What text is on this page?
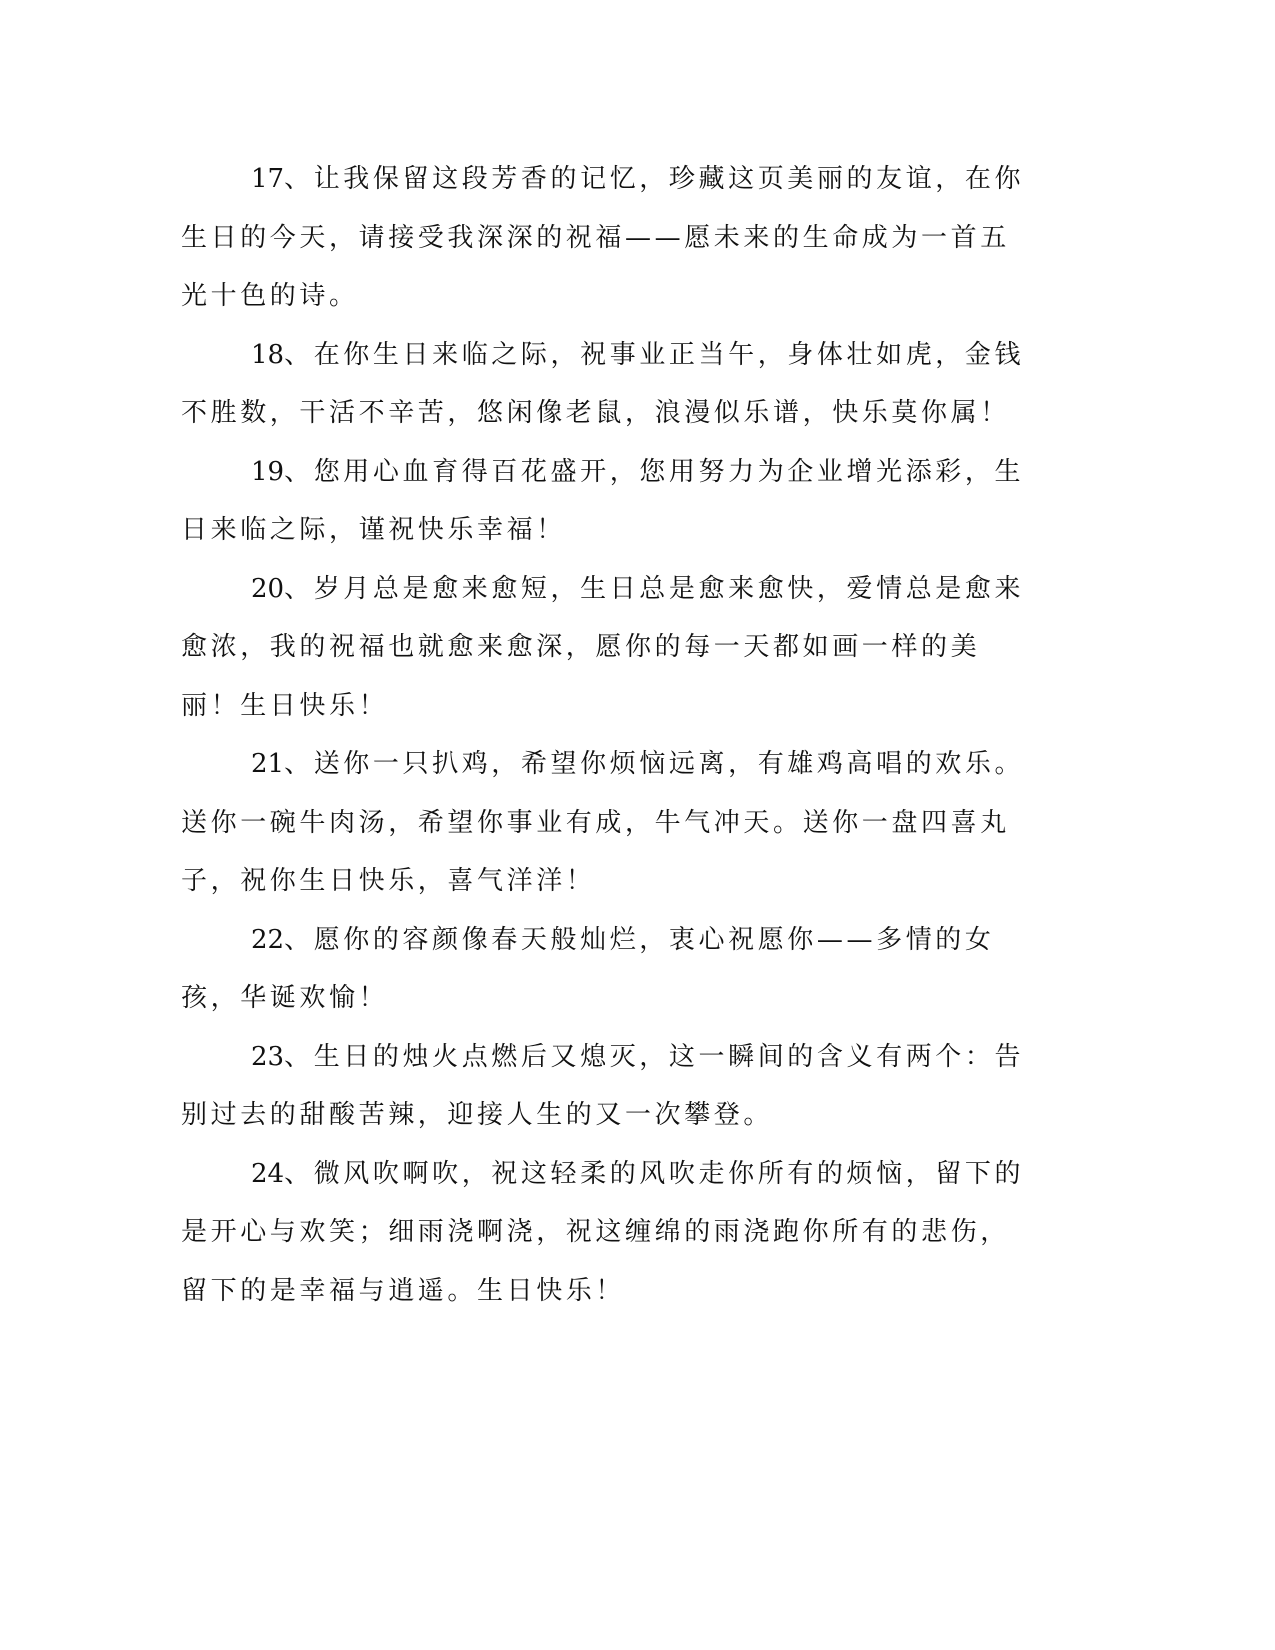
17、让我保留这段芳香的记忆，珍藏这页美丽的友谊，在你生日的今天，请接受我深深的祝福——愿未来的生命成为一首五光十色的诗。

18、在你生日来临之际，祝事业正当午，身体壮如虎，金钱不胜数，干活不辛苦，悠闲像老鼠，浪漫似乐谱，快乐莫你属！

19、您用心血育得百花盛开，您用努力为企业增光添彩，生日来临之际，谨祝快乐幸福！

20、岁月总是愈来愈短，生日总是愈来愈快，爱情总是愈来愈浓，我的祝福也就愈来愈深，愿你的每一天都如画一样的美丽！生日快乐！

21、送你一只扒鸡，希望你烦恼远离，有雄鸡高唱的欢乐。送你一碗牛肉汤，希望你事业有成，牛气冲天。送你一盘四喜丸子，祝你生日快乐，喜气洋洋！

22、愿你的容颜像春天般灿烂，衷心祝愿你——多情的女孩，华诞欢愉！

23、生日的烛火点燃后又熄灭，这一瞬间的含义有两个：告别过去的甜酸苦辣，迎接人生的又一次攀登。

24、微风吹啊吹，祝这轻柔的风吹走你所有的烦恼，留下的是开心与欢笑；细雨浇啊浇，祝这缠绵的雨浇跑你所有的悲伤，留下的是幸福与逍遥。生日快乐！
